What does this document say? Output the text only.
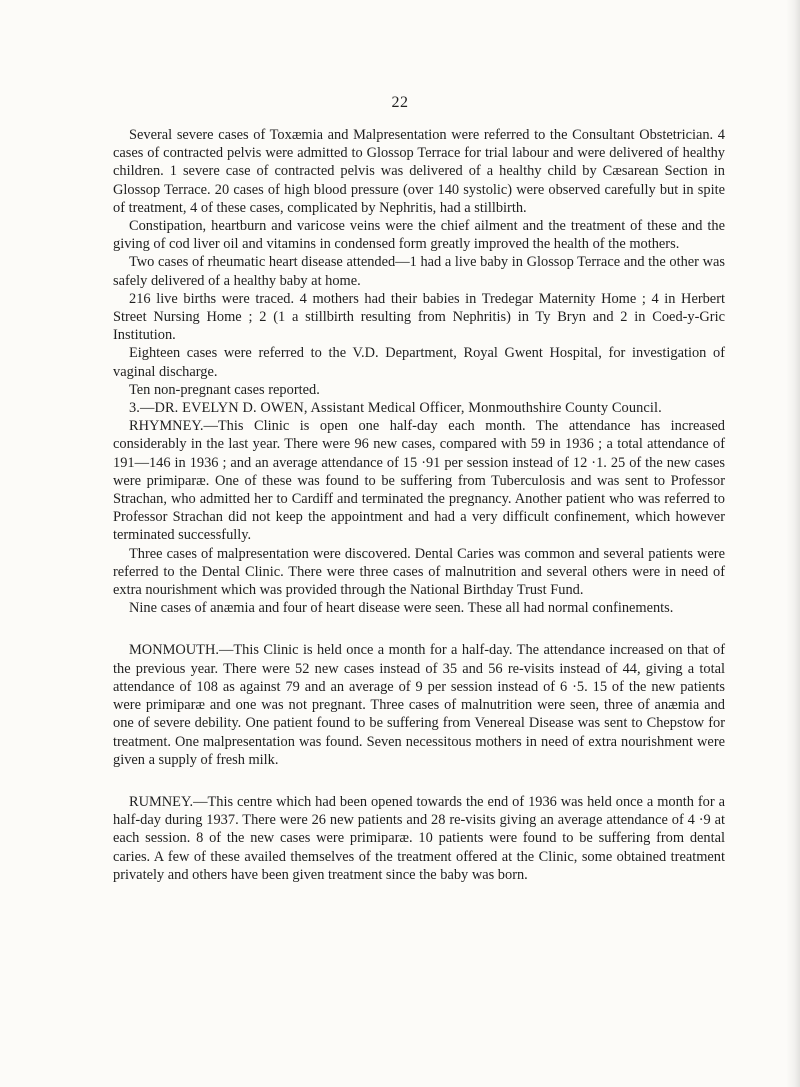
22

Several severe cases of Toxæmia and Malpresentation were referred to the Consultant Obstetrician. 4 cases of contracted pelvis were admitted to Glossop Terrace for trial labour and were delivered of healthy children. 1 severe case of contracted pelvis was delivered of a healthy child by Cæsarean Section in Glossop Terrace. 20 cases of high blood pressure (over 140 systolic) were observed carefully but in spite of treatment, 4 of these cases, complicated by Nephritis, had a stillbirth.

Constipation, heartburn and varicose veins were the chief ailment and the treatment of these and the giving of cod liver oil and vitamins in condensed form greatly improved the health of the mothers.

Two cases of rheumatic heart disease attended—1 had a live baby in Glossop Terrace and the other was safely delivered of a healthy baby at home.

216 live births were traced. 4 mothers had their babies in Tredegar Maternity Home ; 4 in Herbert Street Nursing Home ; 2 (1 a stillbirth resulting from Nephritis) in Ty Bryn and 2 in Coed-y-Gric Institution.

Eighteen cases were referred to the V.D. Department, Royal Gwent Hospital, for investigation of vaginal discharge.

Ten non-pregnant cases reported.

3.—DR. EVELYN D. OWEN, Assistant Medical Officer, Monmouthshire County Council.

RHYMNEY.—This Clinic is open one half-day each month. The attendance has increased considerably in the last year. There were 96 new cases, compared with 59 in 1936 ; a total attendance of 191—146 in 1936 ; and an average attendance of 15 ·91 per session instead of 12 ·1. 25 of the new cases were primiparæ. One of these was found to be suffering from Tuberculosis and was sent to Professor Strachan, who admitted her to Cardiff and terminated the pregnancy. Another patient who was referred to Professor Strachan did not keep the appointment and had a very difficult confinement, which however terminated successfully.

Three cases of malpresentation were discovered. Dental Caries was common and several patients were referred to the Dental Clinic. There were three cases of malnutrition and several others were in need of extra nourishment which was provided through the National Birthday Trust Fund.

Nine cases of anæmia and four of heart disease were seen. These all had normal confinements.

MONMOUTH.—This Clinic is held once a month for a half-day. The attendance increased on that of the previous year. There were 52 new cases instead of 35 and 56 re-visits instead of 44, giving a total attendance of 108 as against 79 and an average of 9 per session instead of 6 ·5. 15 of the new patients were primiparæ and one was not pregnant. Three cases of malnutrition were seen, three of anæmia and one of severe debility. One patient found to be suffering from Venereal Disease was sent to Chepstow for treatment. One malpresentation was found. Seven necessitous mothers in need of extra nourishment were given a supply of fresh milk.

RUMNEY.—This centre which had been opened towards the end of 1936 was held once a month for a half-day during 1937. There were 26 new patients and 28 re-visits giving an average attendance of 4 ·9 at each session. 8 of the new cases were primiparæ. 10 patients were found to be suffering from dental caries. A few of these availed themselves of the treatment offered at the Clinic, some obtained treatment privately and others have been given treatment since the baby was born.
